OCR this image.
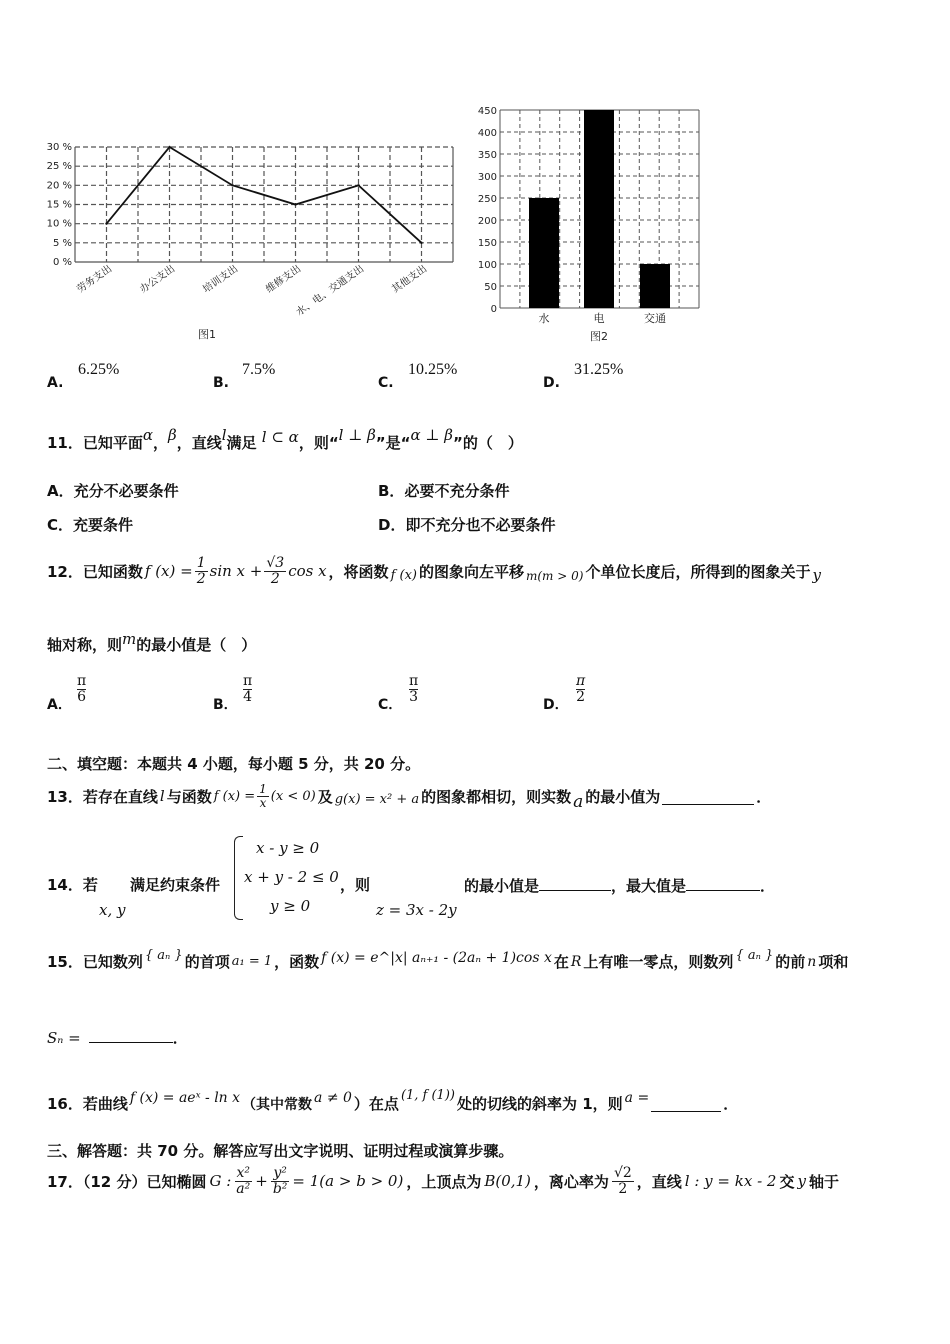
0 %
5 %
10 %
15 %
20 %
25 %
30 %
劳务支出 办公支出 培训支出 维修支出
水、电、交通支出 其他支出
图1
0
50
100
150
200
250
300
350
400
450
水	电	交通
图2
A.
6.25%
B.
7.5%
C.
10.25%
D.
31.25%
11．已知平面α，β，直线l满足 l ⊂ α，则“l ⊥ β”是“α ⊥ β”的（　）
A．充分不必要条件	B．必要不充分条件
C．充要条件	D．即不充分也不必要条件
12．已知函数 f $(x) = \frac{1}{2}$ $\sin x + \frac{√3}{2}$ cos x ，将函数 f (x) 的图象向左平移 m(m > 0) 个单位长度后，所得到的图象关于 y
轴对称，则m的最小值是（　）
A．
$\frac{\pi}{6}$
B．
$\frac{\pi}{4}$
C．
$\frac{\pi}{3}$
D．
$\frac{\pi}{2}$
二、填空题：本题共 4 小题，每小题 5 分，共 20 分。
13．若存在直线 l 与函数 f $(x) = \frac{1}{x} (x < 0)$ 及 g(x) = x² + a 的图象都相切，则实数 a 的最小值为	．
14．若
x, y
满足约束条件
x - y ≥ 0
x + y - 2 ≤ 0
y ≥ 0
，则
z = 3x - 2y
的最小值是	，最大值是	．
15．已知数列 { aₙ } 的首项 a₁ = 1 ，函数 f (x) = e^|x| aₙ₊₁ - (2aₙ + 1)cos x 在 R 上有唯一零点，则数列 { aₙ } 的前 n 项和
Sₙ =	．
16．若曲线 f (x) = aeˣ - ln x （其中常数 a ≠ 0 ）在点 (1, f (1)) 处的切线的斜率为 1，则 a =	．
三、解答题：共 70 分。解答应写出文字说明、证明过程或演算步骤。
17．（12 分）已知椭圆 G : $\frac{\text{x²}}{\text{a²}} + \frac{\text{y²}}{\text{b²}} = 1(a > b > 0)$ ，上顶点为 B(0,1) ，离心率为 $\frac{√2}{2}$ ，直线 l : y = kx - 2 交 y 轴于
